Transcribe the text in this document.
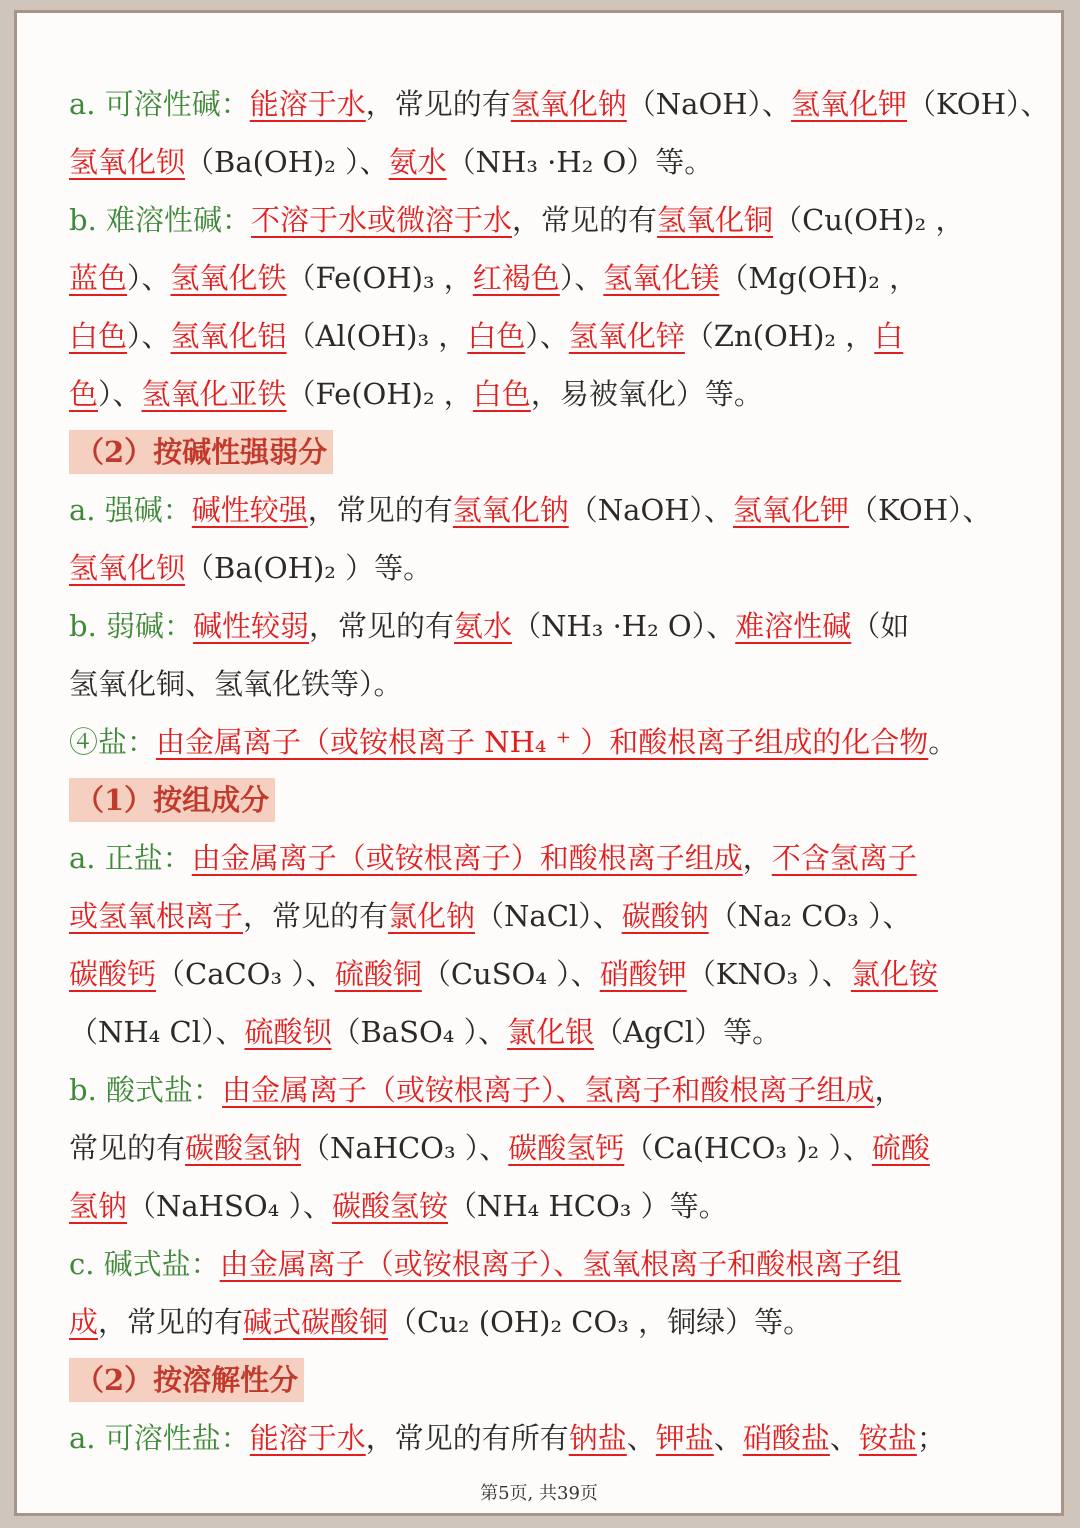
a. 可溶性碱：能溶于水，常见的有氢氧化钠（NaOH）、氢氧化钾（KOH）、
氢氧化钡（Ba(OH)₂ ）、氨水（NH₃ ·H₂ O）等。
b. 难溶性碱：不溶于水或微溶于水，常见的有氢氧化铜（Cu(OH)₂ ，
蓝色）、氢氧化铁（Fe(OH)₃ ，红褐色）、氢氧化镁（Mg(OH)₂ ，
白色）、氢氧化铝（Al(OH)₃ ，白色）、氢氧化锌（Zn(OH)₂ ，白
色）、氢氧化亚铁（Fe(OH)₂ ，白色，易被氧化）等。
（2）按碱性强弱分
a. 强碱：碱性较强，常见的有氢氧化钠（NaOH）、氢氧化钾（KOH）、
氢氧化钡（Ba(OH)₂ ）等。
b. 弱碱：碱性较弱，常见的有氨水（NH₃ ·H₂ O）、难溶性碱（如
氢氧化铜、氢氧化铁等）。
④盐：由金属离子（或铵根离子 NH₄ ⁺ ）和酸根离子组成的化合物。
（1）按组成分
a. 正盐：由金属离子（或铵根离子）和酸根离子组成，不含氢离子
或氢氧根离子，常见的有氯化钠（NaCl）、碳酸钠（Na₂ CO₃ ）、
碳酸钙（CaCO₃ ）、硫酸铜（CuSO₄ ）、硝酸钾（KNO₃ ）、氯化铵
（NH₄ Cl）、硫酸钡（BaSO₄ ）、氯化银（AgCl）等。
b. 酸式盐：由金属离子（或铵根离子）、氢离子和酸根离子组成，
常见的有碳酸氢钠（NaHCO₃ ）、碳酸氢钙（Ca(HCO₃ )₂ ）、硫酸
氢钠（NaHSO₄ ）、碳酸氢铵（NH₄ HCO₃ ）等。
c. 碱式盐：由金属离子（或铵根离子）、氢氧根离子和酸根离子组
成，常见的有碱式碳酸铜（Cu₂ (OH)₂ CO₃ ，铜绿）等。
（2）按溶解性分
a. 可溶性盐：能溶于水，常见的有所有钠盐、钾盐、硝酸盐、铵盐；
第5页, 共39页
